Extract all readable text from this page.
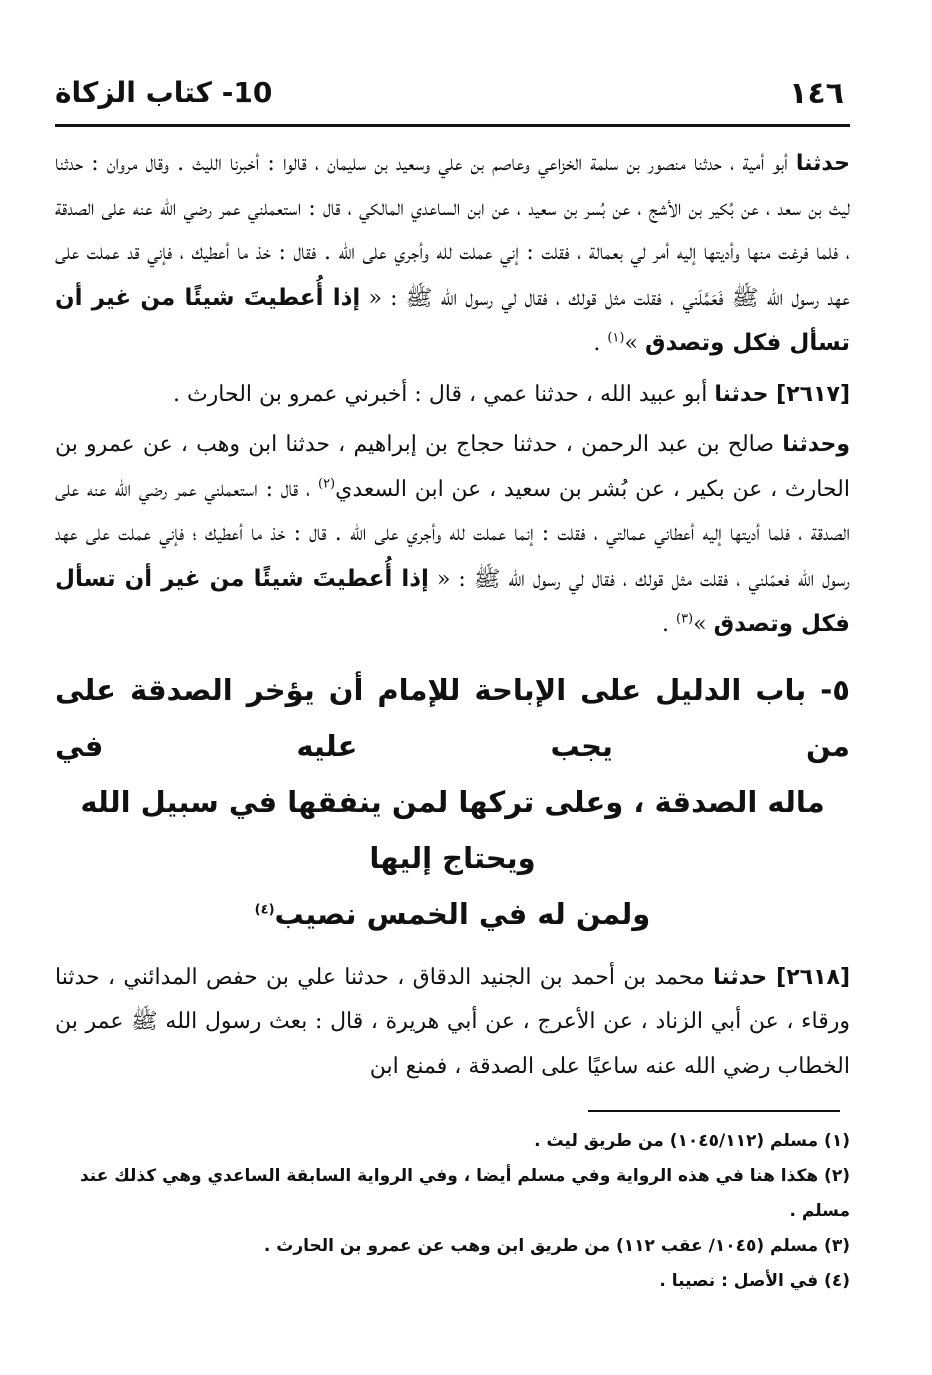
١٤٦
10- كتاب الزكاة

حدثنا أبو أمية ، حدثنا منصور بن سلمة الخزاعي وعاصم بن علي وسعيد بن سليمان ، قالوا : أخبرنا الليث . وقال مروان : حدثنا ليث بن سعد ، عن بُكير بن الأشج ، عن بُسر بن سعيد ، عن ابن الساعدي المالكي ، قال : استعملني عمر رضي الله عنه على الصدقة ، فلما فرغت منها وأديتها إليه أمر لي بعمالة ، فقلت : إني عملت لله وأجري على الله . فقال : خذ ما أعطيك ، فإني قد عملت على عهد رسول الله ﷺ فَعَمَّلَني ، فقلت مثل قولك ، فقال لي رسول الله ﷺ : « إذا أُعطيتَ شيئًا من غير أن تسأل فكل وتصدق »$^{(١)}$ .

[٢٦١٧] حدثنا أبو عبيد الله ، حدثنا عمي ، قال : أخبرني عمرو بن الحارث .

وحدثنا صالح بن عبد الرحمن ، حدثنا حجاج بن إبراهيم ، حدثنا ابن وهب ، عن عمرو بن الحارث ، عن بكير ، عن بُشر بن سعيد ، عن ابن السعدي$^{(٢)}$ ، قال : استعملني عمر رضي الله عنه على الصدقة ، فلما أديتها إليه أعطاني عمالتي ، فقلت : إنما عملت لله وأجري على الله . قال : خذ ما أعطيك ؛ فإني عملت على عهد رسول الله فعمّلني ، فقلت مثل قولك ، فقال لي رسول الله ﷺ : « إذا أُعطيتَ شيئًا من غير أن تسأل فكل وتصدق »$^{(٣)}$ .

٥- باب الدليل على الإباحة للإمام أن يؤخر الصدقة على من يجب عليه في
ماله الصدقة ، وعلى تركها لمن ينفقها في سبيل الله ويحتاج إليها
ولمن له في الخمس نصيب$^{(٤)}$

[٢٦١٨] حدثنا محمد بن أحمد بن الجنيد الدقاق ، حدثنا علي بن حفص المدائني ، حدثنا ورقاء ، عن أبي الزناد ، عن الأعرج ، عن أبي هريرة ، قال : بعث رسول الله ﷺ عمر بن الخطاب رضي الله عنه ساعيًا على الصدقة ، فمنع ابن

(١) مسلم (١٠٤٥/١١٢) من طريق ليث .

(٢) هكذا هنا في هذه الرواية وفي مسلم أيضا ، وفي الرواية السابقة الساعدي وهي كذلك عند مسلم .

(٣) مسلم (١٠٤٥/ عقب ١١٢) من طريق ابن وهب عن عمرو بن الحارث .

(٤) في الأصل : نصيبا .
